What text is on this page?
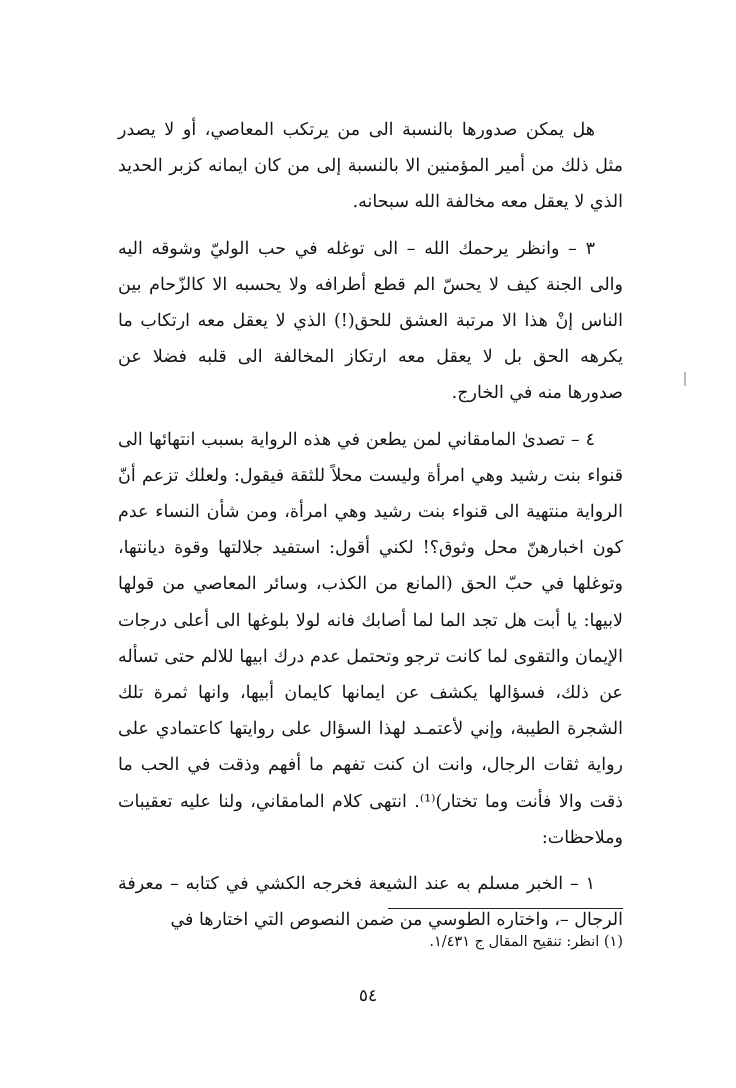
هل يمكن صدورها بالنسبة الى من يرتكب المعاصي، أو لا يصدر مثل ذلك من أمير المؤمنين الا بالنسبة إلى من كان ايمانه كزبر الحديد الذي لا يعقل معه مخالفة الله سبحانه.

٣ – وانظر يرحمك الله – الى توغله في حب الوليّ وشوقه اليه والى الجنة كيف لا يحسّ الم قطع أطرافه ولا يحسبه الا كالزّحام بين الناس إنْ هذا الا مرتبة العشق للحق(!) الذي لا يعقل معه ارتكاب ما يكرهه الحق بل لا يعقل معه ارتكاز المخالفة الى قلبه فضلا عن صدورها منه في الخارج.

٤ – تصدىٰ المامقاني لمن يطعن في هذه الرواية بسبب انتهائها الى قنواء بنت رشيد وهي امرأة وليست محلاً للثقة فيقول: ولعلك تزعم أنّ الرواية منتهية الى قنواء بنت رشيد وهي امرأة، ومن شأن النساء عدم كون اخبارهنّ محل وثوق؟! لكني أقول: استفيد جلالتها وقوة ديانتها، وتوغلها في حبّ الحق (المانع من الكذب، وسائر المعاصي من قولها لابيها: يا أبت هل تجد الما لما أصابك فانه لولا بلوغها الى أعلى درجات الإيمان والتقوى لما كانت ترجو وتحتمل عدم درك ابيها للالم حتى تسأله عن ذلك، فسؤالها يكشف عن ايمانها كايمان أبيها، وانها ثمرة تلك الشجرة الطيبة، وإني لأعتمـد لهذا السؤال على روايتها كاعتمادي على رواية ثقات الرجال، وانت ان كنت تفهم ما أفهم وذقت في الحب ما ذقت والا فأنت وما تختار)⁽¹⁾. انتهى كلام المامقاني، ولنا عليه تعقيبات وملاحظات:

١ – الخبر مسلم به عند الشيعة فخرجه الكشي في كتابه – معرفة الرجال –، واختاره الطوسي من ضمن النصوص التي اختارها في

(١) انظر: تنقيح المقال ج ١/٤٣١.
٥٤
